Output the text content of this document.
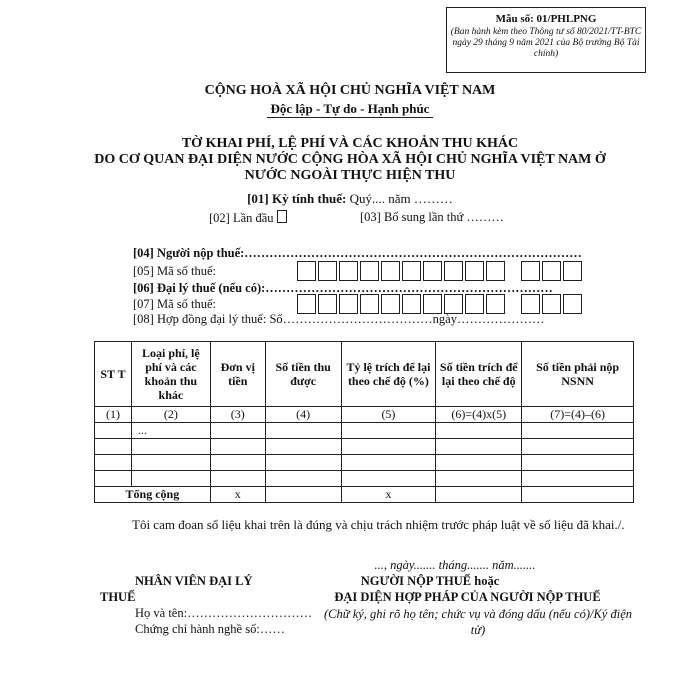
Mẫu số: 01/PHLPNG
(Ban hành kèm theo Thông tư số 80/2021/TT-BTC ngày 29 tháng 9 năm 2021 của Bộ trưởng Bộ Tài chính)
CỘNG HOÀ XÃ HỘI CHỦ NGHĨA VIỆT NAM
Độc lập - Tự do - Hạnh phúc
TỜ KHAI PHÍ, LỆ PHÍ VÀ CÁC KHOẢN THU KHÁC
DO CƠ QUAN ĐẠI DIỆN NƯỚC CỘNG HÒA XÃ HỘI CHỦ NGHĨA VIỆT NAM Ở
NƯỚC NGOÀI THỰC HIỆN THU
[01] Kỳ tính thuế: Quý.... năm ………
[02] Lần đầu	[03] Bổ sung lần thứ ………
[04] Người nộp thuế:………………………………………………………………………
[05] Mã số thuế:
[06] Đại lý thuế (nếu có):……………………………………………………………
[07] Mã số thuế:
[08] Hợp đồng đại lý thuế: Số………………………………ngày…………………
ST T	Loại phí, lệ phí và các khoản thu khác	Đơn vị tiền	Số tiền thu được	Tỷ lệ trích để lại theo chế độ (%)	Số tiền trích để lại theo chế độ	Số tiền phải nộp NSNN
(1)	(2)	(3)	(4)	(5)	(6)=(4)x(5)	(7)=(4)–(6)
	...					

Tổng cộng		x		x		
Tôi cam đoan số liệu khai trên là đúng và chịu trách nhiệm trước pháp luật về số liệu đã khai./.
..., ngày....... tháng....... năm.......
NHÂN VIÊN ĐẠI LÝ
THUẾ
Họ và tên:…………………………
Chứng chỉ hành nghề số:……
NGƯỜI NỘP THUẾ hoặc
ĐẠI DIỆN HỢP PHÁP CỦA NGƯỜI NỘP THUẾ
(Chữ ký, ghi rõ họ tên; chức vụ và đóng dấu (nếu có)/Ký điện tử)
